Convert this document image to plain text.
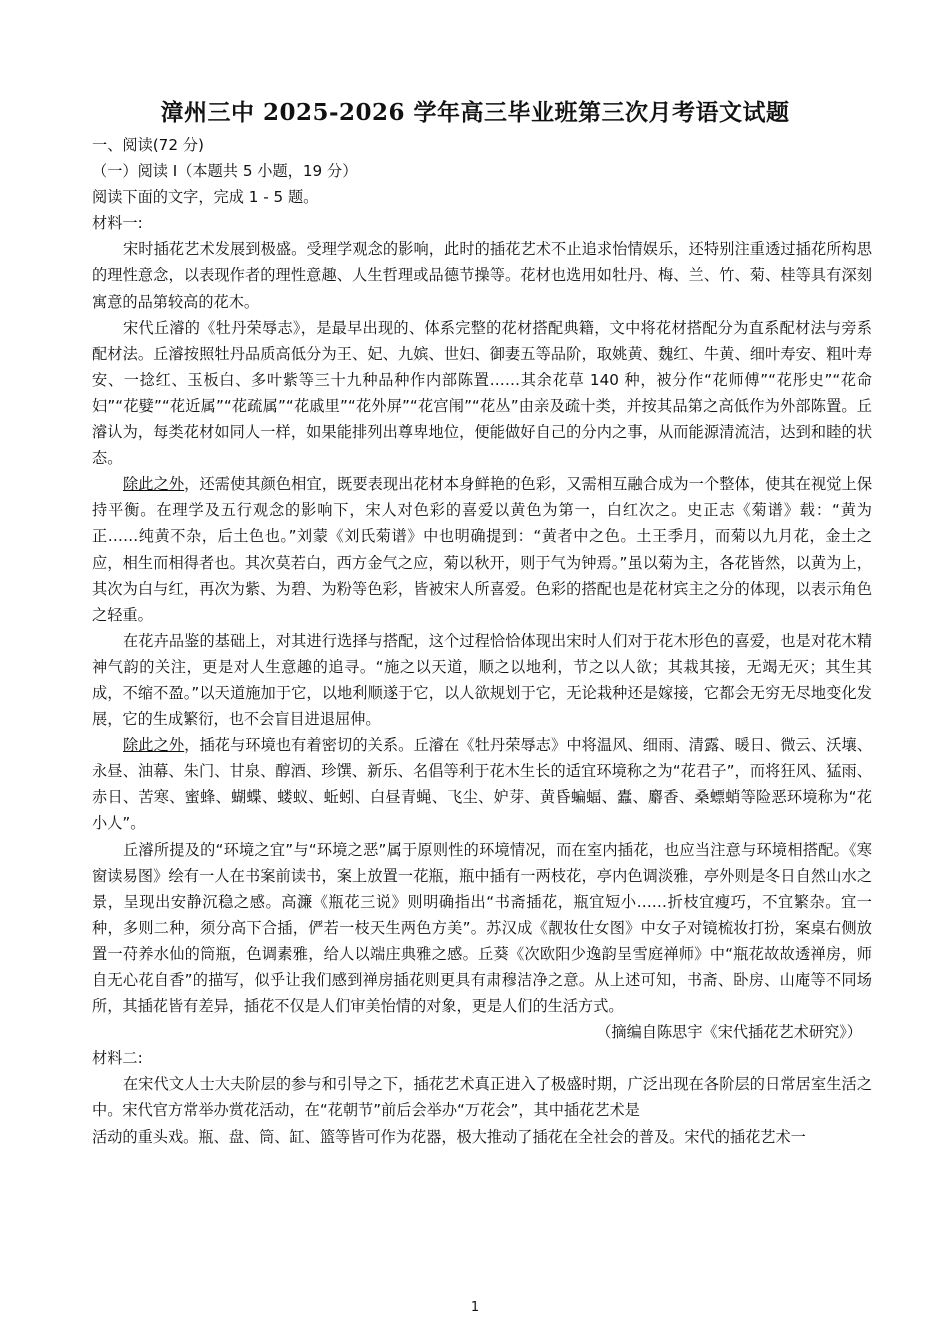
漳州三中 2025-2026 学年高三毕业班第三次月考语文试题

一、阅读(72 分)

（一）阅读 Ⅰ（本题共 5 小题，19 分）

阅读下面的文字，完成 1 - 5 题。

材料一:

宋时插花艺术发展到极盛。受理学观念的影响，此时的插花艺术不止追求怡情娱乐，还特别注重透过插花所构思的理性意念，以表现作者的理性意趣、人生哲理或品德节操等。花材也选用如牡丹、梅、兰、竹、菊、桂等具有深刻寓意的品第较高的花木。

宋代丘濬的《牡丹荣辱志》，是最早出现的、体系完整的花材搭配典籍，文中将花材搭配分为直系配材法与旁系配材法。丘濬按照牡丹品质高低分为王、妃、九嫔、世妇、御妻五等品阶，取姚黄、魏红、牛黄、细叶寿安、粗叶寿安、一捻红、玉板白、多叶紫等三十九种品种作内部陈置……其余花草 140 种，被分作“花师傅”“花彤史”“花命妇”“花嬖”“花近属”“花疏属”“花戚里”“花外屏”“花宫闱”“花丛”由亲及疏十类，并按其品第之高低作为外部陈置。丘濬认为，每类花材如同人一样，如果能排列出尊卑地位，便能做好自己的分内之事，从而能源清流洁，达到和睦的状态。

除此之外，还需使其颜色相宜，既要表现出花材本身鲜艳的色彩，又需相互融合成为一个整体，使其在视觉上保持平衡。在理学及五行观念的影响下，宋人对色彩的喜爱以黄色为第一，白红次之。史正志《菊谱》载：“黄为正……纯黄不杂，后土色也。”刘蒙《刘氏菊谱》中也明确提到：“黄者中之色。土王季月，而菊以九月花，金土之应，相生而相得者也。其次莫若白，西方金气之应，菊以秋开，则于气为钟焉。”虽以菊为主，各花皆然，以黄为上，其次为白与红，再次为紫、为碧、为粉等色彩，皆被宋人所喜爱。色彩的搭配也是花材宾主之分的体现，以表示角色之轻重。

在花卉品鉴的基础上，对其进行选择与搭配，这个过程恰恰体现出宋时人们对于花木形色的喜爱，也是对花木精神气韵的关注，更是对人生意趣的追寻。“施之以天道，顺之以地利，节之以人欲；其栽其接，无竭无灭；其生其成，不缩不盈。”以天道施加于它，以地利顺遂于它，以人欲规划于它，无论栽种还是嫁接，它都会无穷无尽地变化发展，它的生成繁衍，也不会盲目进退屈伸。

除此之外，插花与环境也有着密切的关系。丘濬在《牡丹荣辱志》中将温风、细雨、清露、暖日、微云、沃壤、永昼、油幕、朱门、甘泉、醇酒、珍馔、新乐、名倡等利于花木生长的适宜环境称之为“花君子”，而将狂风、猛雨、赤日、苦寒、蜜蜂、蝴蝶、蝼蚁、蚯蚓、白昼青蝇、飞尘、妒芽、黄昏蝙蝠、蠹、麝香、桑螵蛸等险恶环境称为“花小人”。

丘濬所提及的“环境之宜”与“环境之恶”属于原则性的环境情况，而在室内插花，也应当注意与环境相搭配。《寒窗读易图》绘有一人在书案前读书，案上放置一花瓶，瓶中插有一两枝花，亭内色调淡雅，亭外则是冬日自然山水之景，呈现出安静沉稳之感。高濂《瓶花三说》则明确指出“书斋插花，瓶宜短小……折枝宜瘦巧，不宜繁杂。宜一种，多则二种，须分高下合插，俨若一枝天生两色方美”。苏汉成《靓妆仕女图》中女子对镜梳妆打扮，案桌右侧放置一苻养水仙的筒瓶，色调素雅，给人以端庄典雅之感。丘葵《次欧阳少逸韵呈雪庭禅师》中“瓶花故故透禅房，师自无心花自香”的描写，似乎让我们感到禅房插花则更具有肃穆洁净之意。从上述可知，书斋、卧房、山庵等不同场所，其插花皆有差异，插花不仅是人们审美怡情的对象，更是人们的生活方式。

（摘编自陈思宇《宋代插花艺术研究》）

材料二:

在宋代文人士大夫阶层的参与和引导之下，插花艺术真正进入了极盛时期，广泛出现在各阶层的日常居室生活之中。宋代官方常举办赏花活动，在“花朝节”前后会举办“万花会”，其中插花艺术是

活动的重头戏。瓶、盘、筒、缸、篮等皆可作为花器，极大推动了插花在全社会的普及。宋代的插花艺术一

1
